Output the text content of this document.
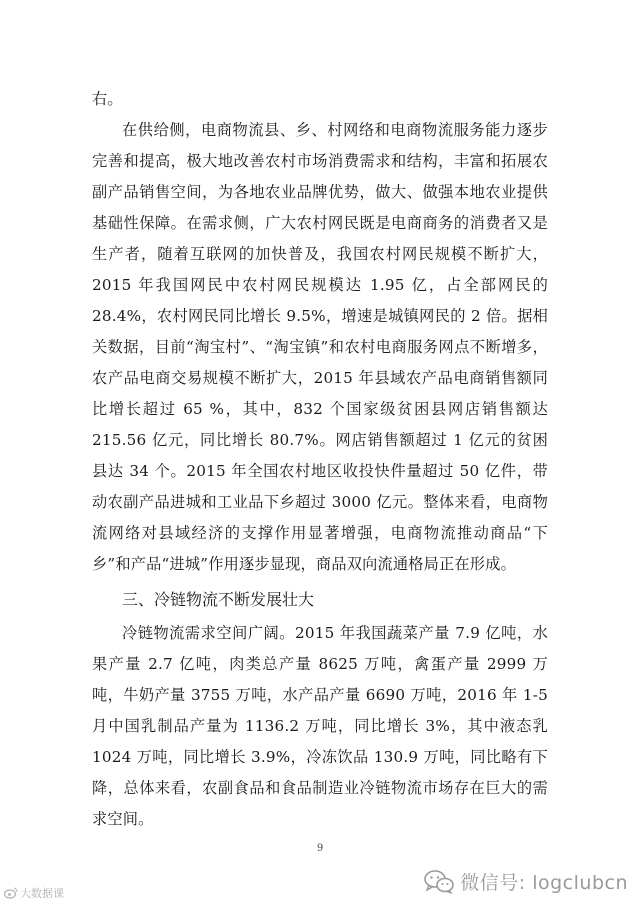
右。

在供给侧，电商物流县、乡、村网络和电商物流服务能力逐步完善和提高，极大地改善农村市场消费需求和结构，丰富和拓展农副产品销售空间，为各地农业品牌优势，做大、做强本地农业提供基础性保障。在需求侧，广大农村网民既是电商商务的消费者又是生产者，随着互联网的加快普及，我国农村网民规模不断扩大，2015 年我国网民中农村网民规模达 1.95 亿，占全部网民的 28.4%，农村网民同比增长 9.5%，增速是城镇网民的 2 倍。据相关数据，目前“淘宝村”、“淘宝镇”和农村电商服务网点不断增多，农产品电商交易规模不断扩大，2015 年县域农产品电商销售额同比增长超过 65 %，其中，832 个国家级贫困县网店销售额达 215.56 亿元，同比增长 80.7%。网店销售额超过 1 亿元的贫困县达 34 个。2015 年全国农村地区收投快件量超过 50 亿件，带动农副产品进城和工业品下乡超过 3000 亿元。整体来看，电商物流网络对县域经济的支撑作用显著增强，电商物流推动商品“下乡”和产品“进城”作用逐步显现，商品双向流通格局正在形成。

三、冷链物流不断发展壮大

冷链物流需求空间广阔。2015 年我国蔬菜产量 7.9 亿吨，水果产量 2.7 亿吨，肉类总产量 8625 万吨，禽蛋产量 2999 万吨，牛奶产量 3755 万吨，水产品产量 6690 万吨，2016 年 1-5 月中国乳制品产量为 1136.2 万吨，同比增长 3%，其中液态乳 1024 万吨，同比增长 3.9%，冷冻饮品 130.9 万吨，同比略有下降，总体来看，农副食品和食品制造业冷链物流市场存在巨大的需求空间。

9
大数据课	微信号: logclubcn
